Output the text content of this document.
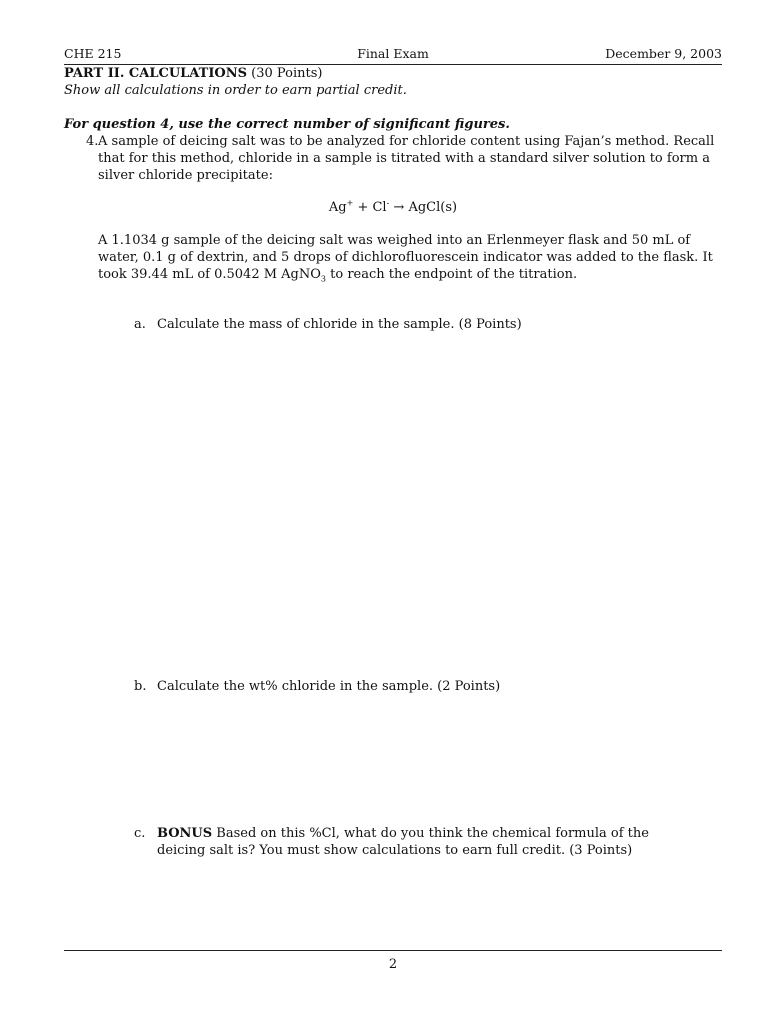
CHE 215	Final Exam	December 9, 2003
PART II. CALCULATIONS (30 Points)
Show all calculations in order to earn partial credit.
For question 4, use the correct number of significant figures.
4. A sample of deicing salt was to be analyzed for chloride content using Fajan’s method. Recall that for this method, chloride in a sample is titrated with a standard silver solution to form a silver chloride precipitate:
Ag+ + Cl- → AgCl(s)
A 1.1034 g sample of the deicing salt was weighed into an Erlenmeyer flask and 50 mL of water, 0.1 g of dextrin, and 5 drops of dichlorofluorescein indicator was added to the flask. It took 39.44 mL of 0.5042 M AgNO$_3$ to reach the endpoint of the titration.
a. Calculate the mass of chloride in the sample. (8 Points)
b. Calculate the wt% chloride in the sample. (2 Points)
c. BONUS Based on this %Cl, what do you think the chemical formula of the deicing salt is? You must show calculations to earn full credit. (3 Points)
2
